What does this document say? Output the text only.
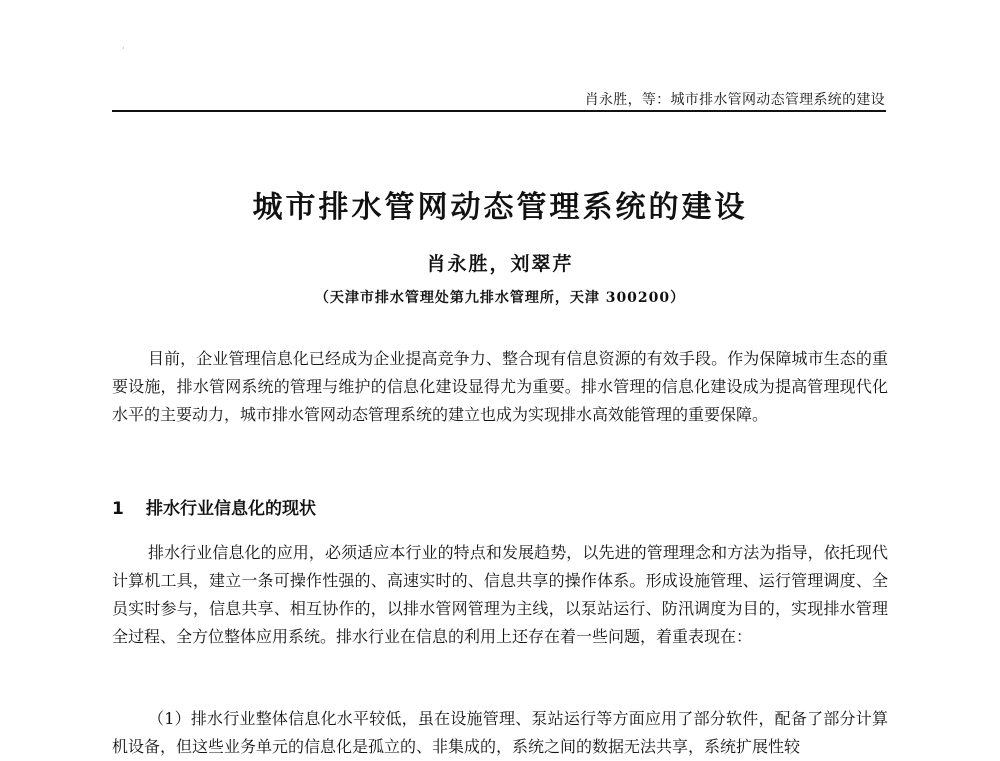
·
肖永胜，等：城市排水管网动态管理系统的建设
城市排水管网动态管理系统的建设
肖永胜，刘翠芹
（天津市排水管理处第九排水管理所，天津 300200）

目前，企业管理信息化已经成为企业提高竞争力、整合现有信息资源的有效手段。作为保障城市生态的重要设施，排水管网系统的管理与维护的信息化建设显得尤为重要。排水管理的信息化建设成为提高管理现代化水平的主要动力，城市排水管网动态管理系统的建立也成为实现排水高效能管理的重要保障。

1 排水行业信息化的现状

排水行业信息化的应用，必须适应本行业的特点和发展趋势，以先进的管理理念和方法为指导，依托现代计算机工具，建立一条可操作性强的、高速实时的、信息共享的操作体系。形成设施管理、运行管理调度、全员实时参与，信息共享、相互协作的，以排水管网管理为主线，以泵站运行、防汛调度为目的，实现排水管理全过程、全方位整体应用系统。排水行业在信息的利用上还存在着一些问题，着重表现在：

（1）排水行业整体信息化水平较低，虽在设施管理、泵站运行等方面应用了部分软件，配备了部分计算机设备，但这些业务单元的信息化是孤立的、非集成的，系统之间的数据无法共享，系统扩展性较
